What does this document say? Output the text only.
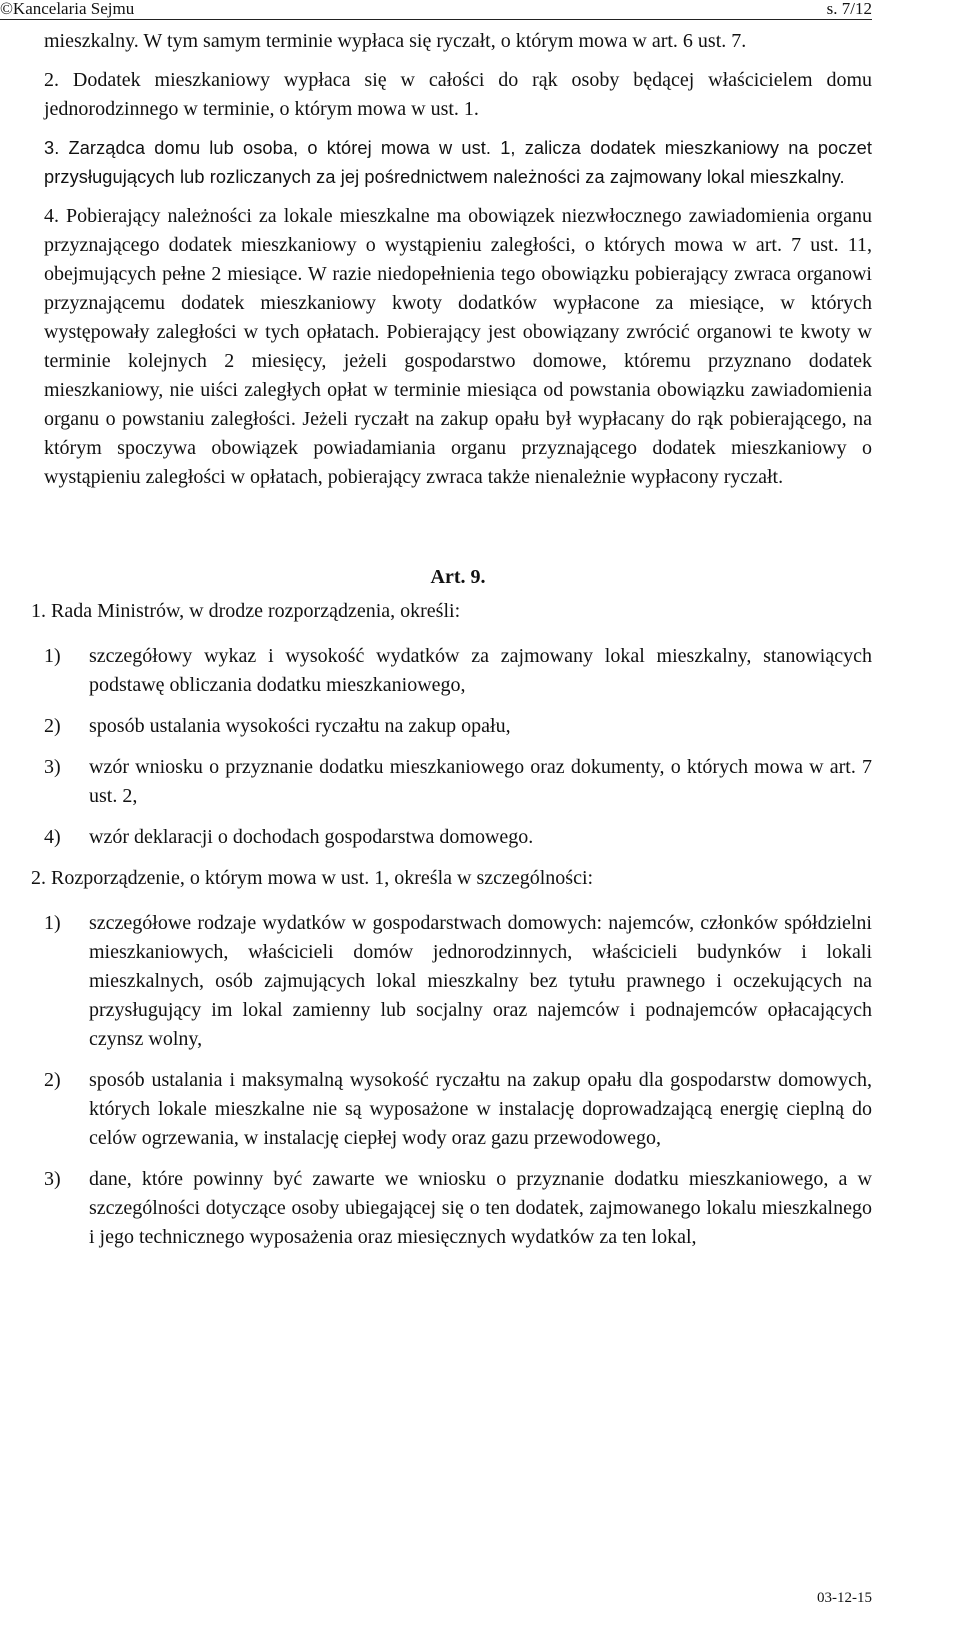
©Kancelaria Sejmu	s. 7/12

mieszkalny. W tym samym terminie wypłaca się ryczałt, o którym mowa w art. 6 ust. 7.

2. Dodatek mieszkaniowy wypłaca się w całości do rąk osoby będącej właścicielem domu jednorodzinnego w terminie, o którym mowa w ust. 1.

3. Zarządca domu lub osoba, o której mowa w ust. 1, zalicza dodatek mieszkaniowy na poczet przysługujących lub rozliczanych za jej pośrednictwem należności za zajmowany lokal mieszkalny.

4. Pobierający należności za lokale mieszkalne ma obowiązek niezwłocznego zawiadomienia organu przyznającego dodatek mieszkaniowy o wystąpieniu zaległości, o których mowa w art. 7 ust. 11, obejmujących pełne 2 miesiące. W razie niedopełnienia tego obowiązku pobierający zwraca organowi przyznającemu dodatek mieszkaniowy kwoty dodatków wypłacone za miesiące, w których występowały zaległości w tych opłatach. Pobierający jest obowiązany zwrócić organowi te kwoty w terminie kolejnych 2 miesięcy, jeżeli gospodarstwo domowe, któremu przyznano dodatek mieszkaniowy, nie uiści zaległych opłat w terminie miesiąca od powstania obowiązku zawiadomienia organu o powstaniu zaległości. Jeżeli ryczałt na zakup opału był wypłacany do rąk pobierającego, na którym spoczywa obowiązek powiadamiania organu przyznającego dodatek mieszkaniowy o wystąpieniu zaległości w opłatach, pobierający zwraca także nienależnie wypłacony ryczałt.

Art. 9.

1. Rada Ministrów, w drodze rozporządzenia, określi:

1) szczegółowy wykaz i wysokość wydatków za zajmowany lokal mieszkalny, stanowiących podstawę obliczania dodatku mieszkaniowego,
2) sposób ustalania wysokości ryczałtu na zakup opału,
3) wzór wniosku o przyznanie dodatku mieszkaniowego oraz dokumenty, o których mowa w art. 7 ust. 2,
4) wzór deklaracji o dochodach gospodarstwa domowego.

2. Rozporządzenie, o którym mowa w ust. 1, określa w szczególności:

1) szczegółowe rodzaje wydatków w gospodarstwach domowych: najemców, członków spółdzielni mieszkaniowych, właścicieli domów jednorodzinnych, właścicieli budynków i lokali mieszkalnych, osób zajmujących lokal mieszkalny bez tytułu prawnego i oczekujących na przysługujący im lokal zamienny lub socjalny oraz najemców i podnajemców opłacających czynsz wolny,
2) sposób ustalania i maksymalną wysokość ryczałtu na zakup opału dla gospodarstw domowych, których lokale mieszkalne nie są wyposażone w instalację doprowadzającą energię cieplną do celów ogrzewania, w instalację ciepłej wody oraz gazu przewodowego,
3) dane, które powinny być zawarte we wniosku o przyznanie dodatku mieszkaniowego, a w szczególności dotyczące osoby ubiegającej się o ten dodatek, zajmowanego lokalu mieszkalnego i jego technicznego wyposażenia oraz miesięcznych wydatków za ten lokal,
03-12-15
